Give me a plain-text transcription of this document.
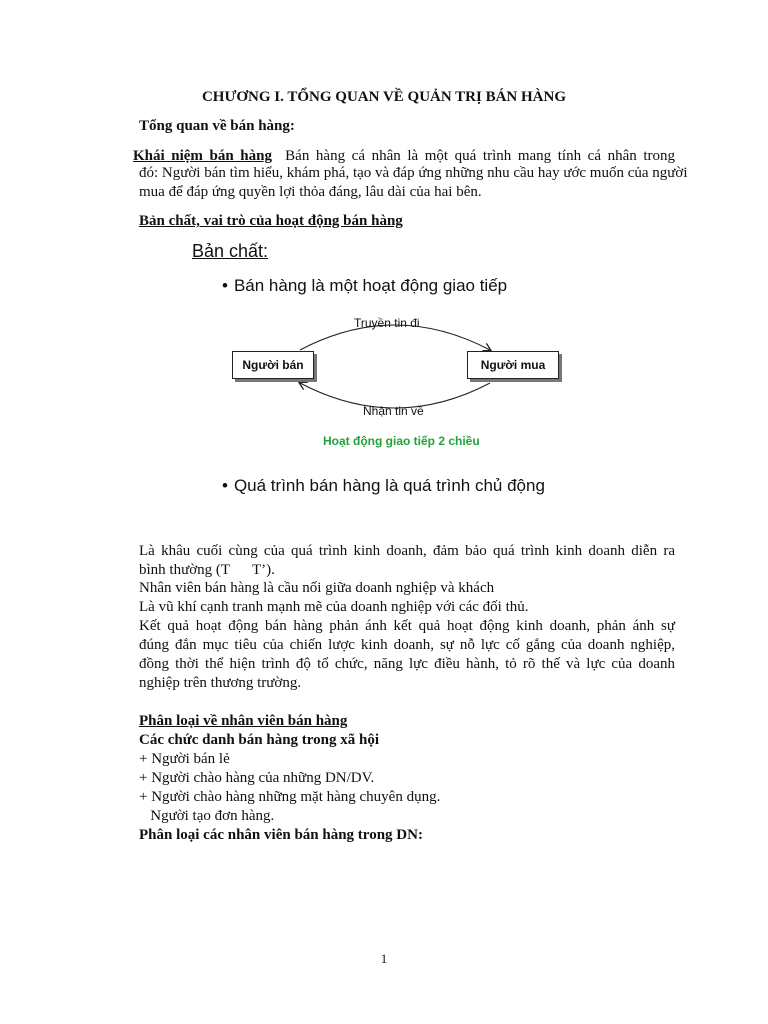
CHƯƠNG I. TỔNG QUAN VỀ QUẢN TRỊ BÁN HÀNG
Tổng quan về bán hàng:
Khái niệm bán hàng Bán hàng cá nhân là một quá trình mang tính cá nhân trong
đó: Người bán tìm hiểu, khám phá, tạo và đáp ứng những nhu cầu hay ước muốn của người
mua để đáp ứng quyền lợi thỏa đáng, lâu dài của hai bên.
Bản chất, vai trò của hoạt động bán hàng
Bản chất:
• Bán hàng là một hoạt động giao tiếp
Người bán	Người mua
Truyền tin đi
Nhận tin về
Hoạt động giao tiếp 2 chiều
• Quá trình bán hàng là quá trình chủ động
Là khâu cuối cùng của quá trình kinh doanh, đảm bảo quá trình kinh doanh diễn ra
bình thường (T      T’).
Nhân viên bán hàng là cầu nối giữa doanh nghiệp và khách
Là vũ khí cạnh tranh mạnh mẽ của doanh nghiệp với các đối thủ.
Kết quả hoạt động bán hàng phản ánh kết quả hoạt động kinh doanh, phản ánh sự
đúng đắn mục tiêu của chiến lược kinh doanh, sự nỗ lực cố gắng của doanh nghiệp,
đồng thời thể hiện trình độ tổ chức, năng lực điều hành, tỏ rõ thế và lực của doanh
nghiệp trên thương trường.
Phân loại về nhân viên bán hàng
Các chức danh bán hàng trong xã hội
+ Người bán lẻ
+ Người chào hàng của những DN/DV.
+ Người chào hàng những mặt hàng chuyên dụng.
Người tạo đơn hàng.
Phân loại các nhân viên bán hàng trong DN:
1
